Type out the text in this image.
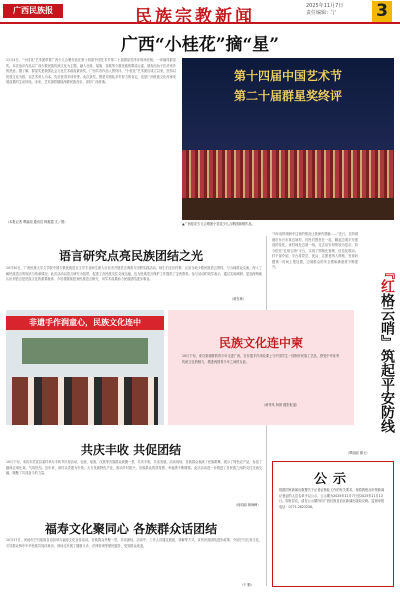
广西民族报	民族宗教新闻
2025年11月7日
责任编辑：宁	3
广西“小桂花”摘“星”
11月4日，“小桂花”艺术团带着广西少儿合唱作品在第十四届中国艺术节第二十届群星奖终评现场亮相，一举摘得群星奖。本次参评作品以广西少数民族传统文化为主题，融入壮族、瑶族、苗族等少数民族的歌谣元素，展现出孩子们对家乡的热爱。据了解，群星奖是我国社会文化艺术政府最高奖，广西共有作品入围终评。“小桂花”艺术团自成立以来，坚持以民族文化为根，以艺术育人为本，先后获得多项荣誉。此次获奖，既是对团队多年努力的肯定，也是广西民族文化传承发展成果的生动体现。未来，艺术团将继续深耕民族音乐，讲好广西故事。
（本报记者 覃丽丽 通讯员 阿惠霞 文／图）
第十四届中国艺术节
第二十届群星奖终评
▲广西桂花少儿合唱团小桂花少儿合唱团演唱作品。
『红格云哨』筑起平安防线
“3年前的调研中这里的情况让我深有感触……”近日，在防城港市东兴市某边境村，村民们围坐在一起，聊起边境平安建设的变化。该村地处边境一线，过去治安形势较为复杂，如今依托“红格云哨”平台，实现了网格化管理、信息化联动。村干部介绍，平台将党员、民兵、志愿者纳入网格，发现问题第一时间上报处置，边境群众的安全感和满意度不断提升。
（覃丽丽 谢元）
语言研究点亮民族团结之光
10月30日，广西民族大学文学院中国少数民族语言文学专业师生深入百色市开展语言调查与田野实践活动。师生们走访村寨，记录当地少数民族语言资料，与当地群众交流，深入了解民族语言的现状与传承情况。此次活动以语言研究为纽带，促进了各民族交往交流交融，也为民族语言保护工作提供了宝贵资料。参与活动的同学表示，通过实地调研，更加深刻地认识到语言是民族文化的重要载体，今后将继续投身民族语言研究，用学术成果助力民族团结进步事业。
（黄东林）
非遗手作润童心，民族文化连中
民族文化连中柬
10月下旬，来自柬埔寨的青少年走进广西，在非遗手作体验课上与中国学生一同制作民族工艺品，感受中华优秀传统文化的魅力，增进两国青少年之间的友谊。
（黄秀凤 杨都 摄影报道）
共庆丰收 共促团结
10月下旬，来宾市武宣县某村举办丰收节庆祝活动，壮族、瑶族、汉族等各族群众欢聚一堂，共庆丰收，共话发展。活动现场，各族群众表演了民族歌舞，展示了特色农产品，参加了趣味农事比赛，气氛热烈。近年来，该村以党建为引领，大力发展特色产业，推动乡村振兴，各族群众的获得感、幸福感不断增强。此次活动进一步增进了各民族之间的交往交流交融，凝聚了共同奋斗的力量。
（何绍丽 黄海峰）
福寿文化聚同心 各族群众话团结
10月27日，河池市巴马瑶族自治县举办福寿文化宣传活动，各族群众齐聚一堂，共话团结。活动中，工作人员通过展板、讲解等方式，宣传民族团结进步政策，介绍巴马长寿文化，引导群众铸牢中华民族共同体意识。现场还开展了健康义诊、法律咨询等便民服务，受到群众欢迎。
（干 勤）
公示
根据国家新闻出版署关于记者证核验工作的有关要求，现将我报社申领新闻记者证的人员名单予以公示，公示期为2025年11月7日至2025年11月13日。如有异议，请在公示期内向广西壮族自治区新闻出版局反映。监督举报电话：0771-2623256。
